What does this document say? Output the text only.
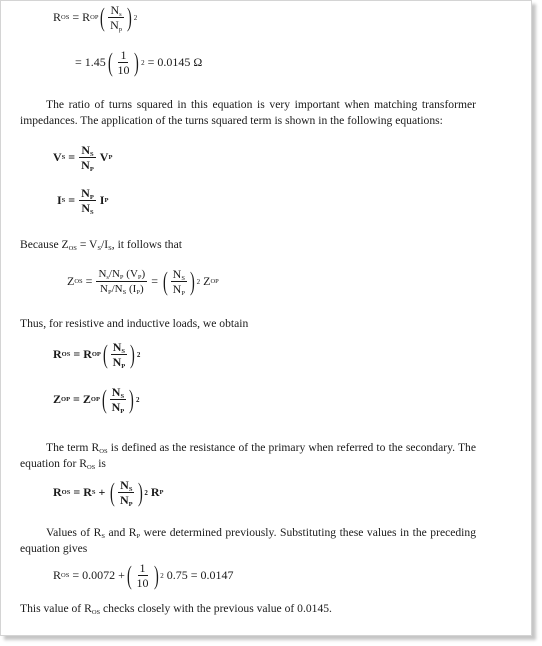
R OS = R OP ( $\frac{N_s}{N_p}$ ) 2
= 1.45 ( $\frac{1}{10}$ ) 2
= 0.0145 Ω
The ratio of turns squared in this equation is very important when matching transformer impedances. The application of the turns squared term is shown in the following equations:
V $S = \frac{N_S}{N_P}$
V P
I $S = \frac{N_P}{N_S}$
I P
Because $Z_{OS} = V_S/I_S$, it follows that
Z OS = $\frac{N_s/N_P (V_P)}{N_P/N_S (I_P)}$ = ( $\frac{N_S}{N_P}$ ) 2
Z OP
Thus, for resistive and inductive loads, we obtain
R OS = R OP ( $\frac{N_S}{N_P}$ ) 2
Z OP = Z OP ( $\frac{N_S}{N_P}$ ) 2
The term $R_{OS}$ is defined as the resistance of the primary when referred to the secondary. The equation for $R_{OS}$ is
R OS = R S + ( $\frac{N_S}{N_P}$ ) 2
R P
Values of $R_S$ and $R_P$ were determined previously. Substituting these values in the preceding equation gives
R OS
= 0.0072 + ( $\frac{1}{10}$ ) 2
0.75 = 0.0147
This value of $R_{OS}$ checks closely with the previous value of 0.0145.
